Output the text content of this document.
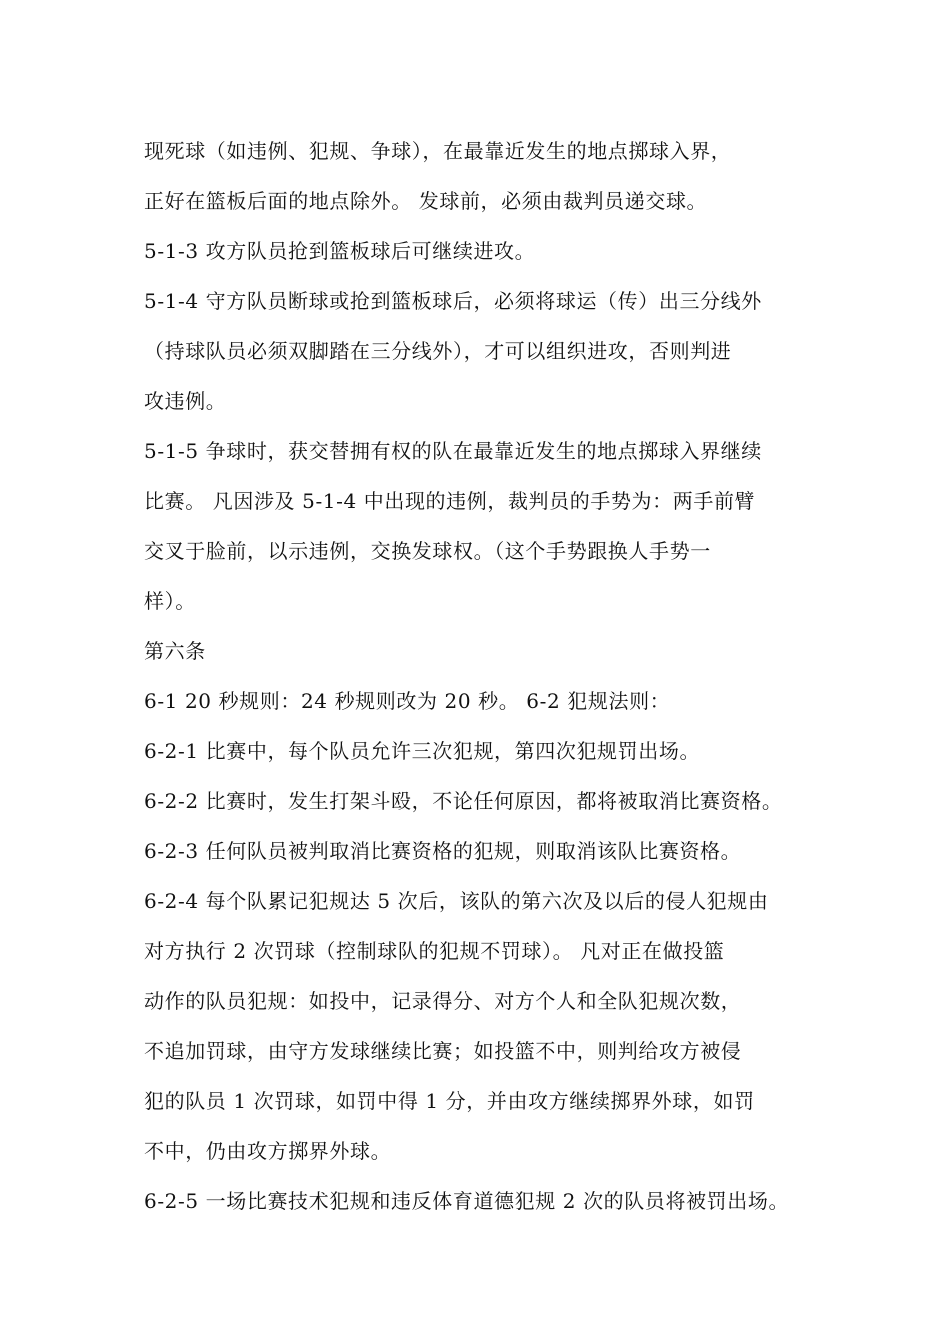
现死球（如违例、犯规、争球），在最靠近发生的地点掷球入界，
正好在篮板后面的地点除外。 发球前，必须由裁判员递交球。
5-1-3 攻方队员抢到篮板球后可继续进攻。
5-1-4 守方队员断球或抢到篮板球后，必须将球运（传）出三分线外
（持球队员必须双脚踏在三分线外），才可以组织进攻，否则判进
攻违例。
5-1-5 争球时，获交替拥有权的队在最靠近发生的地点掷球入界继续
比赛。 凡因涉及 5-1-4 中出现的违例，裁判员的手势为：两手前臂
交叉于脸前，以示违例，交换发球权。（这个手势跟换人手势一
样）。
第六条
6-1 20 秒规则：24 秒规则改为 20 秒。 6-2 犯规法则：
6-2-1 比赛中，每个队员允许三次犯规，第四次犯规罚出场。
6-2-2 比赛时，发生打架斗殴，不论任何原因，都将被取消比赛资格。
6-2-3 任何队员被判取消比赛资格的犯规，则取消该队比赛资格。
6-2-4 每个队累记犯规达 5 次后，该队的第六次及以后的侵人犯规由
对方执行 2 次罚球（控制球队的犯规不罚球）。 凡对正在做投篮
动作的队员犯规：如投中，记录得分、对方个人和全队犯规次数，
不追加罚球，由守方发球继续比赛；如投篮不中，则判给攻方被侵
犯的队员 1 次罚球，如罚中得 1 分，并由攻方继续掷界外球，如罚
不中，仍由攻方掷界外球。
6-2-5 一场比赛技术犯规和违反体育道德犯规 2 次的队员将被罚出场。
